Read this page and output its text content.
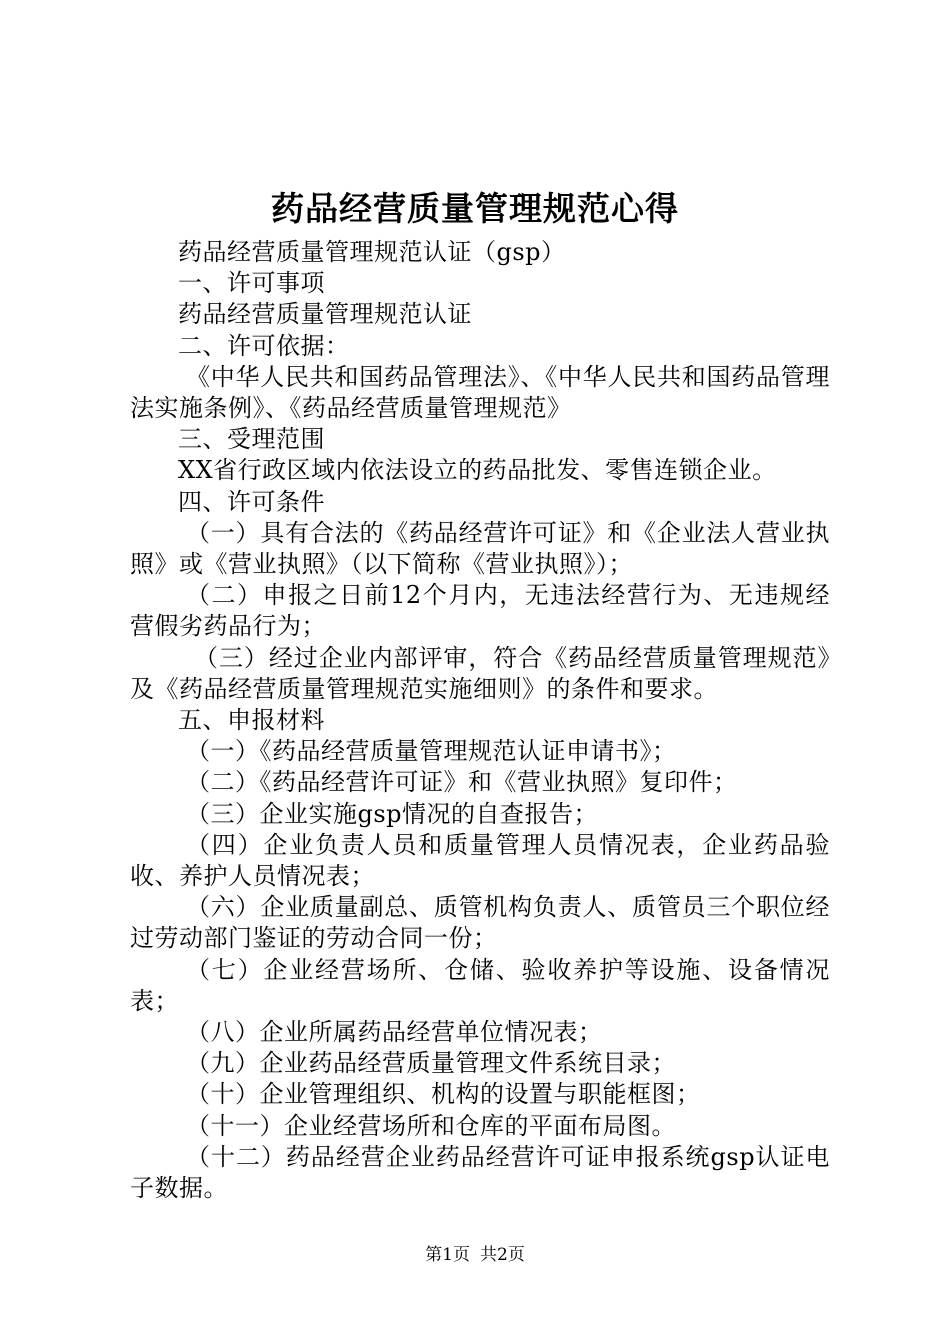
药品经营质量管理规范心得

药品经营质量管理规范认证（gsp）

一、许可事项

药品经营质量管理规范认证

二、许可依据：

《中华人民共和国药品管理法》、《中华人民共和国药品管理法实施条例》、《药品经营质量管理规范》

三、受理范围

XX省行政区域内依法设立的药品批发、零售连锁企业。

四、许可条件

（一）具有合法的《药品经营许可证》和《企业法人营业执照》或《营业执照》（以下简称《营业执照》）；

（二）申报之日前12个月内，无违法经营行为、无违规经营假劣药品行为；

（三）经过企业内部评审，符合《药品经营质量管理规范》及《药品经营质量管理规范实施细则》的条件和要求。

五、申报材料

（一）《药品经营质量管理规范认证申请书》；

（二）《药品经营许可证》和《营业执照》复印件；

（三）企业实施gsp情况的自查报告；

（四）企业负责人员和质量管理人员情况表，企业药品验收、养护人员情况表；

（六）企业质量副总、质管机构负责人、质管员三个职位经过劳动部门鉴证的劳动合同一份；

（七）企业经营场所、仓储、验收养护等设施、设备情况表；

（八）企业所属药品经营单位情况表；

（九）企业药品经营质量管理文件系统目录；

（十）企业管理组织、机构的设置与职能框图；

（十一）企业经营场所和仓库的平面布局图。

（十二）药品经营企业药品经营许可证申报系统gsp认证电子数据。

第1页 共2页
